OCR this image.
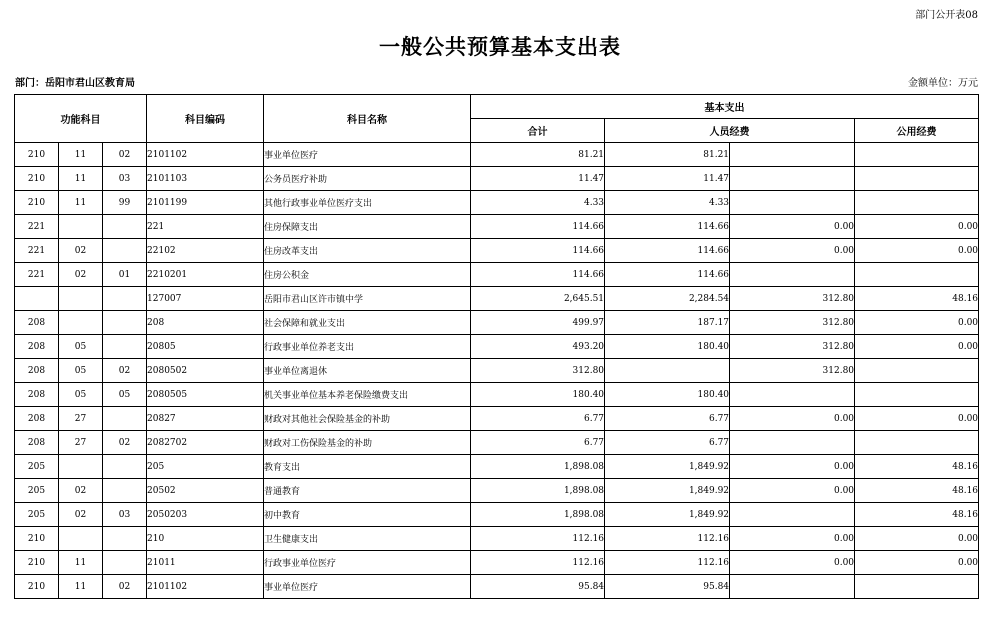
部门公开表08
一般公共预算基本支出表
部门：岳阳市君山区教育局	金额单位：万元
功能科目			科目编码	科目名称	基本支出			
					合计	人员经费		公用经费
210	11	02	2101102	事业单位医疗	81.21	81.21		
210	11	03	2101103	公务员医疗补助	11.47	11.47		
210	11	99	2101199	其他行政事业单位医疗支出	4.33	4.33		
221			221	住房保障支出	114.66	114.66	0.00	0.00
221	02		22102	住房改革支出	114.66	114.66	0.00	0.00
221	02	01	2210201	住房公积金	114.66	114.66		
			127007	岳阳市君山区许市镇中学	2,645.51	2,284.54	312.80	48.16
208			208	社会保障和就业支出	499.97	187.17	312.80	0.00
208	05		20805	行政事业单位养老支出	493.20	180.40	312.80	0.00
208	05	02	2080502	事业单位离退休	312.80		312.80	
208	05	05	2080505	机关事业单位基本养老保险缴费支出	180.40	180.40		
208	27		20827	财政对其他社会保险基金的补助	6.77	6.77	0.00	0.00
208	27	02	2082702	财政对工伤保险基金的补助	6.77	6.77		
205			205	教育支出	1,898.08	1,849.92	0.00	48.16
205	02		20502	普通教育	1,898.08	1,849.92	0.00	48.16
205	02	03	2050203	初中教育	1,898.08	1,849.92		48.16
210			210	卫生健康支出	112.16	112.16	0.00	0.00
210	11		21011	行政事业单位医疗	112.16	112.16	0.00	0.00
210	11	02	2101102	事业单位医疗	95.84	95.84		
